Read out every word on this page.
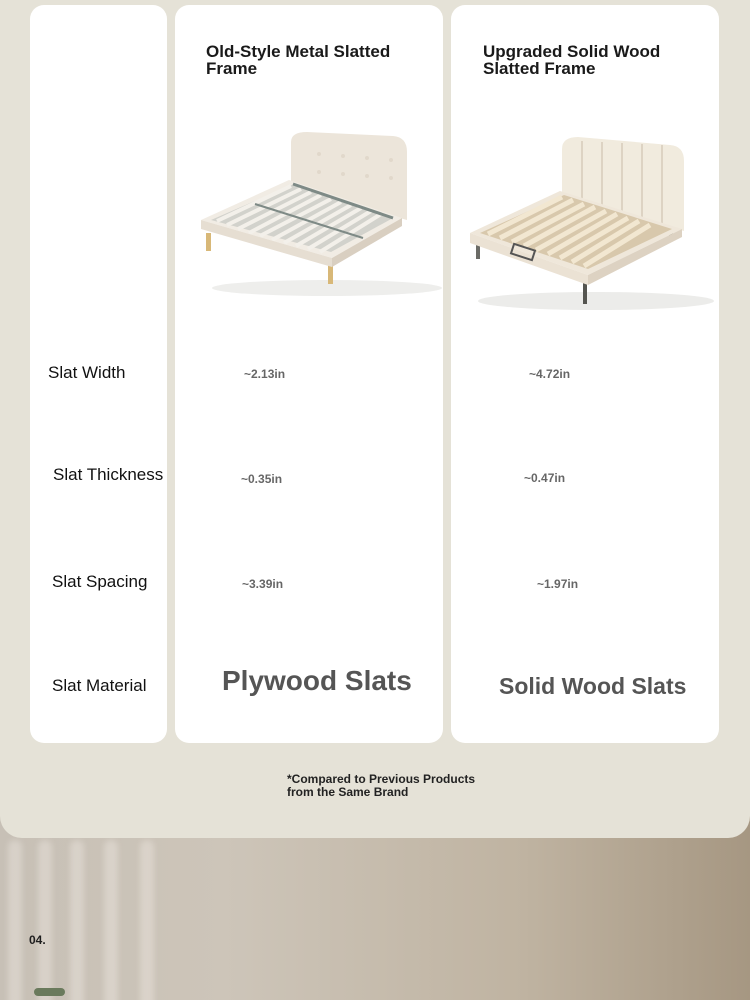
Slat Width
Slat Thickness
Slat Spacing
Slat Material
Old-Style Metal Slatted Frame
~2.13in
~0.35in
~3.39in
Plywood Slats
Upgraded Solid Wood Slatted Frame
~4.72in
~0.47in
~1.97in
Solid Wood Slats
*Compared to Previous Products from the Same Brand
04.
